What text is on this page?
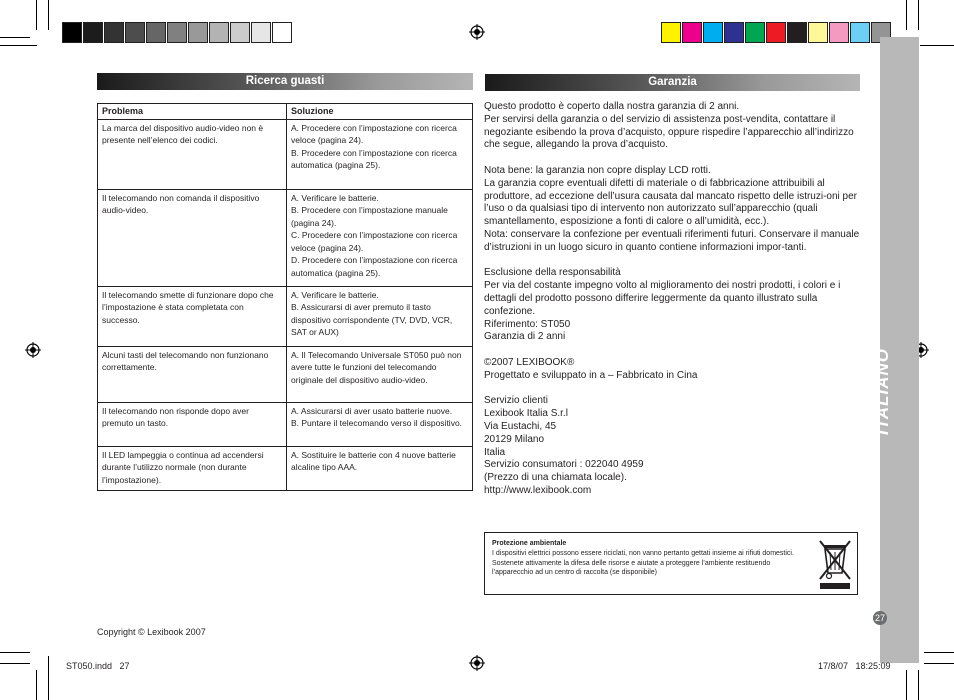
ITALIANO
27
Ricerca guasti
Problema	Soluzione
La marca del dispositivo audio-video non è presente nell’elenco dei codici.	A. Procedere con l’impostazione con ricerca veloce (pagina 24).
B. Procedere con l’impostazione con ricerca automatica (pagina 25).

Il telecomando non comanda il dispositivo audio-video.	A. Verificare le batterie.
B. Procedere con l’impostazione manuale (pagina 24).
C. Procedere con l’impostazione con ricerca veloce (pagina 24).
D. Procedere con l’impostazione con ricerca automatica (pagina 25).

Il telecomando smette di funzionare dopo che l’impostazione è stata completata con successo.	A. Verificare le batterie.
B. Assicurarsi di aver premuto il tasto dispositivo corrispondente (TV, DVD, VCR, SAT or AUX)

Alcuni tasti del telecomando non funzionano correttamente.	A. Il Telecomando Universale ST050 può non avere tutte le funzioni del telecomando originale del dispositivo audio-video.

Il telecomando non risponde dopo aver premuto un tasto.	A. Assicurarsi di aver usato batterie nuove.
B. Puntare il telecomando verso il dispositivo.

Il LED lampeggia o continua ad accendersi durante l’utilizzo normale (non durante l’impostazione).	A. Sostituire le batterie con 4 nuove batterie alcaline tipo AAA.
Copyright © Lexibook 2007
Garanzia

Questo prodotto è coperto dalla nostra garanzia di 2 anni.

Per servirsi della garanzia o del servizio di assistenza post-vendita, contattare il negoziante esibendo la prova d’acquisto, oppure rispedire l’apparecchio all’indirizzo che segue, allegando la prova d’acquisto.

Nota bene: la garanzia non copre display LCD rotti.

La garanzia copre eventuali difetti di materiale o di fabbricazione attribuibili al produttore, ad eccezione dell’usura causata dal mancato rispetto delle istruzi-oni per l’uso o da qualsiasi tipo di intervento non autorizzato sull’apparecchio (quali smantellamento, esposizione a fonti di calore o all’umidità, ecc.).

Nota: conservare la confezione per eventuali riferimenti futuri. Conservare il manuale d’istruzioni in un luogo sicuro in quanto contiene informazioni impor-tanti.

Esclusione della responsabilità

Per via del costante impegno volto al miglioramento dei nostri prodotti, i colori e i dettagli del prodotto possono differire leggermente da quanto illustrato sulla confezione.

Riferimento: ST050

Garanzia di 2 anni

©2007 LEXIBOOK®

Progettato e sviluppato in a – Fabbricato in Cina

Servizio clienti

Lexibook Italia S.r.l

Via Eustachi, 45

20129 Milano

Italia

Servizio consumatori : 022040 4959

(Prezzo di una chiamata locale).

http://www.lexibook.com

Protezione ambientale
I dispositivi elettrici possono essere riciclati, non vanno pertanto gettati insieme ai rifiuti domestici. Sostenete attivamente la difesa delle risorse e aiutate a proteggere l’ambiente restituendo l’apparecchio ad un centro di raccolta (se disponibile)
ST050.indd   27	17/8/07   18:25:09
